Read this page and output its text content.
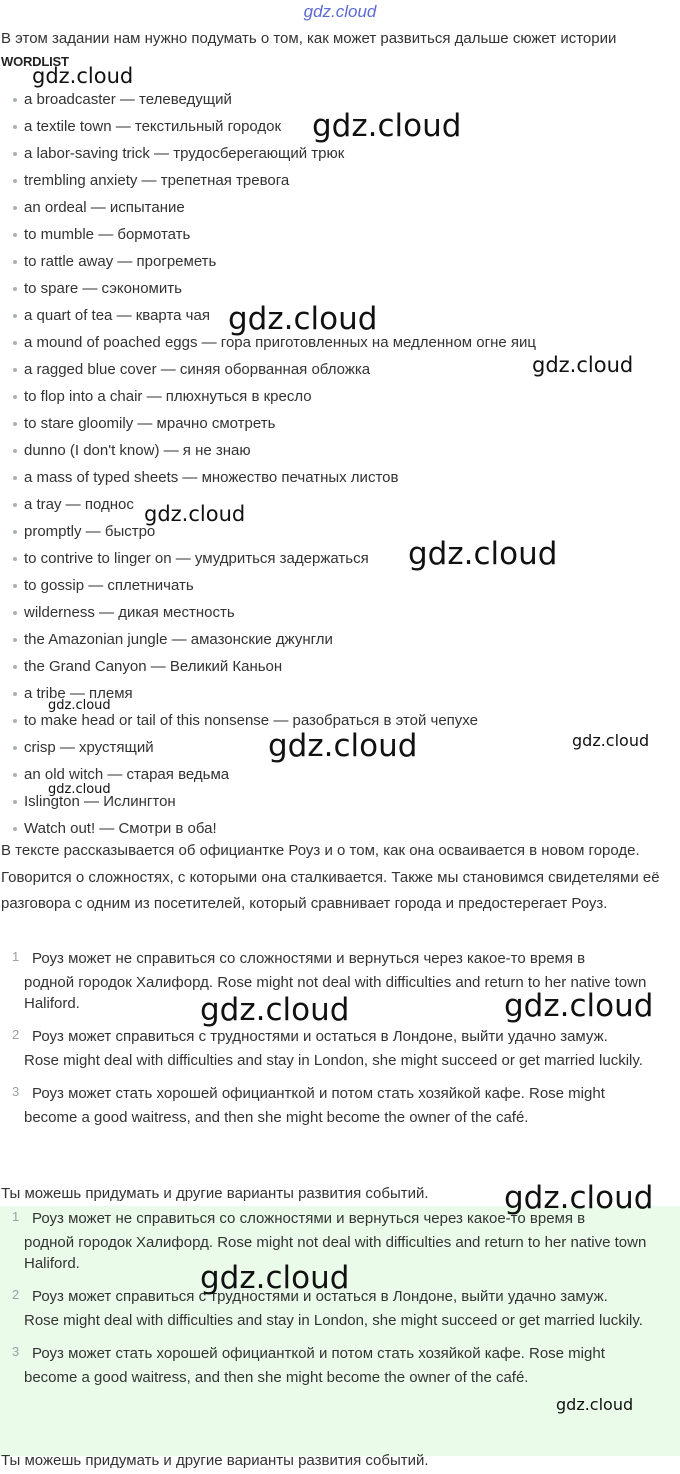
gdz.cloud
В этом задании нам нужно подумать о том, как может развиться дальше сюжет истории
WORDLIST
a broadcaster — телеведущий
a textile town — текстильный городок
a labor-saving trick — трудосберегающий трюк
trembling anxiety — трепетная тревога
an ordeal — испытание
to mumble — бормотать
to rattle away — прогреметь
to spare — сэкономить
a quart of tea — кварта чая
a mound of poached eggs — гора приготовленных на медленном огне яиц
a ragged blue cover — синяя оборванная обложка
to flop into a chair — плюхнуться в кресло
to stare gloomily — мрачно смотреть
dunno (I don't know) — я не знаю
a mass of typed sheets — множество печатных листов
a tray — поднос
promptly — быстро
to contrive to linger on — умудриться задержаться
to gossip — сплетничать
wilderness — дикая местность
the Amazonian jungle — амазонские джунгли
the Grand Canyon — Великий Каньон
a tribe — племя
to make head or tail of this nonsense — разобраться в этой чепухе
crisp — хрустящий
an old witch — старая ведьма
Islington — Ислингтон
Watch out! — Смотри в оба!
В тексте рассказывается об официантке Роуз и о том, как она осваивается в новом городе. Говорится о сложностях, с которыми она сталкивается. Также мы становимся свидетелями её разговора с одним из посетителей, который сравнивает города и предостерегает Роуз.
1 Роуз может не справиться со сложностями и вернуться через какое-то время в
родной городок Халифорд. Rose might not deal with difficulties and return to her native town Haliford.
2 Роуз может справиться с трудностями и остаться в Лондоне, выйти удачно замуж.
Rose might deal with difficulties and stay in London, she might succeed or get married luckily.
3 Роуз может стать хорошей официанткой и потом стать хозяйкой кафе. Rose might
become a good waitress, and then she might become the owner of the café.
Ты можешь придумать и другие варианты развития событий.
1 Роуз может не справиться со сложностями и вернуться через какое-то время в
родной городок Халифорд. Rose might not deal with difficulties and return to her native town Haliford.
2 Роуз может справиться с трудностями и остаться в Лондоне, выйти удачно замуж.
Rose might deal with difficulties and stay in London, she might succeed or get married luckily.
3 Роуз может стать хорошей официанткой и потом стать хозяйкой кафе. Rose might
become a good waitress, and then she might become the owner of the café.
Ты можешь придумать и другие варианты развития событий.
gdz.cloud
gdz.cloud
gdz.cloud
gdz.cloud
gdz.cloud
gdz.cloud
gdz.cloud
gdz.cloud	gdz.cloud
gdz.cloud
gdz.cloud	gdz.cloud
gdz.cloud
gdz.cloud
gdz.cloud
